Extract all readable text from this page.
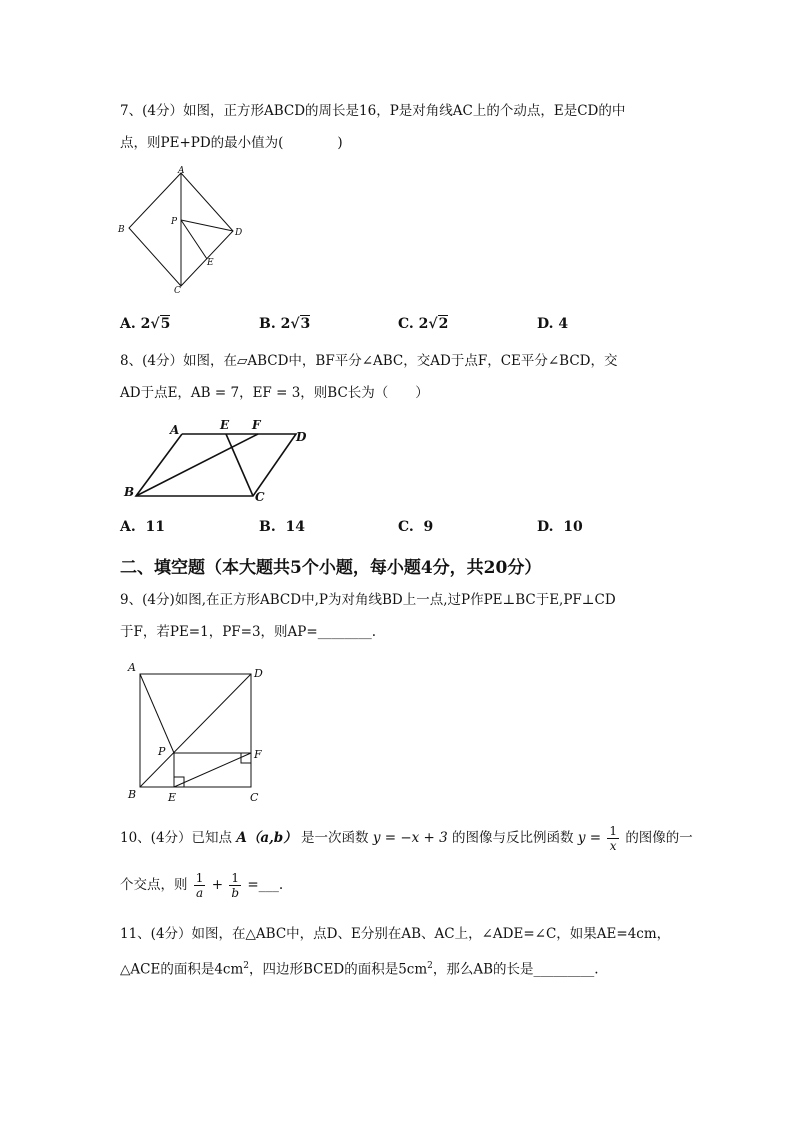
7、(4分）如图，正方形ABCD的周长是16，P是对角线AC上的个动点，E是CD的中
点，则PE+PD的最小值为(　　　　)
A
B
C
D
P
E
A. 2√5	B. 2√3	C. 2√2	D. 4
8、(4分）如图，在▱ABCD中，BF平分∠ABC，交AD于点F，CE平分∠BCD，交
AD于点E，AB = 7，EF = 3，则BC长为（　　）
A	E F
D
B	C
A. 11	B. 14	C. 9	D. 10
二、填空题（本大题共5个小题，每小题4分，共20分）
9、(4分)如图,在正方形ABCD中,P为对角线BD上一点,过P作PE⊥BC于E,PF⊥CD
于F，若PE=1，PF=3，则AP=________.
A	D
P	F
B	E	C
10、(4分）已知点 A（a,b） 是一次函数 y = −x + 3 的图像与反比例函数 $y = \frac{1}{x}$ 的图像的一
个交点，则 $\frac{1}{a} + \frac{1}{b}$ =___.
11、(4分）如图，在△ABC中，点D、E分别在AB、AC上，∠ADE=∠C，如果AE=4cm，
△ACE的面积是$4cm^2$，四边形BCED的面积是$5cm^2$，那么AB的长是_________.
